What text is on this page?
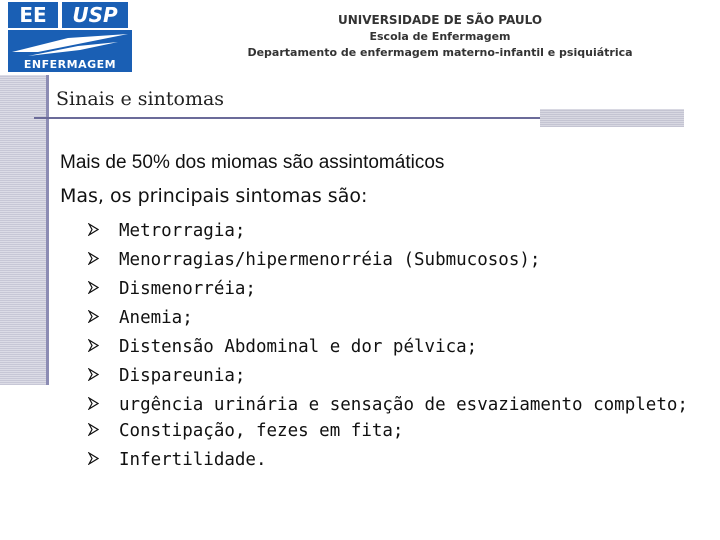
EE	USP
ENFERMAGEM
UNIVERSIDADE DE SÃO PAULO
Escola de Enfermagem
Departamento de enfermagem materno-infantil e psiquiátrica
Sinais e sintomas

Mais de 50% dos miomas são assintomáticos

Mas, os principais sintomas são:

Metrorragia;
Menorragias/hipermenorréia (Submucosos);
Dismenorréia;
Anemia;
Distensão Abdominal e dor pélvica;
Dispareunia;
urgência urinária e sensação de esvaziamento completo;
Constipação, fezes em fita;
Infertilidade.
